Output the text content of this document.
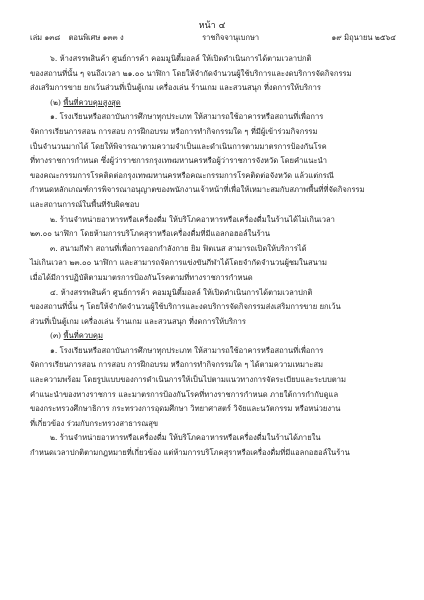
หน้า ๔
เล่ม ๑๓๘ ตอนพิเศษ ๑๓๓ ง	ราชกิจจานุเบกษา	๑๙ มิถุนายน ๒๕๖๔

๖. ห้างสรรพสินค้า ศูนย์การค้า คอมมูนิตี้มอลล์ ให้เปิดดำเนินการได้ตามเวลาปกติ

ของสถานที่นั้น ๆ จนถึงเวลา ๒๑.๐๐ นาฬิกา โดยให้จำกัดจำนวนผู้ใช้บริการและงดบริการจัดกิจกรรม

ส่งเสริมการขาย ยกเว้นส่วนที่เป็นตู้เกม เครื่องเล่น ร้านเกม และสวนสนุก ที่งดการให้บริการ

(๒) พื้นที่ควบคุมสูงสุด

๑. โรงเรียนหรือสถาบันการศึกษาทุกประเภท ให้สามารถใช้อาคารหรือสถานที่เพื่อการ

จัดการเรียนการสอน การสอบ การฝึกอบรม หรือการทำกิจกรรมใด ๆ ที่มีผู้เข้าร่วมกิจกรรม

เป็นจำนวนมากได้ โดยให้พิจารณาตามความจำเป็นและดำเนินการตามมาตรการป้องกันโรค

ที่ทางราชการกำหนด ซึ่งผู้ว่าราชการกรุงเทพมหานครหรือผู้ว่าราชการจังหวัด โดยคำแนะนำ

ของคณะกรรมการโรคติดต่อกรุงเทพมหานครหรือคณะกรรมการโรคติดต่อจังหวัด แล้วแต่กรณี

กำหนดหลักเกณฑ์การพิจารณาอนุญาตของพนักงานเจ้าหน้าที่เพื่อให้เหมาะสมกับสภาพพื้นที่ที่จัดกิจกรรม

และสถานการณ์ในพื้นที่รับผิดชอบ

๒. ร้านจำหน่ายอาหารหรือเครื่องดื่ม ให้บริโภคอาหารหรือเครื่องดื่มในร้านได้ไม่เกินเวลา

๒๓.๐๐ นาฬิกา โดยห้ามการบริโภคสุราหรือเครื่องดื่มที่มีแอลกอฮอล์ในร้าน

๓. สนามกีฬา สถานที่เพื่อการออกกำลังกาย ยิม ฟิตเนส สามารถเปิดให้บริการได้

ไม่เกินเวลา ๒๓.๐๐ นาฬิกา และสามารถจัดการแข่งขันกีฬาได้โดยจำกัดจำนวนผู้ชมในสนาม

เมื่อได้มีการปฏิบัติตามมาตรการป้องกันโรคตามที่ทางราชการกำหนด

๔. ห้างสรรพสินค้า ศูนย์การค้า คอมมูนิตี้มอลล์ ให้เปิดดำเนินการได้ตามเวลาปกติ

ของสถานที่นั้น ๆ โดยให้จำกัดจำนวนผู้ใช้บริการและงดบริการจัดกิจกรรมส่งเสริมการขาย ยกเว้น

ส่วนที่เป็นตู้เกม เครื่องเล่น ร้านเกม และสวนสนุก ที่งดการให้บริการ

(๓) พื้นที่ควบคุม

๑. โรงเรียนหรือสถาบันการศึกษาทุกประเภท ให้สามารถใช้อาคารหรือสถานที่เพื่อการ

จัดการเรียนการสอน การสอบ การฝึกอบรม หรือการทำกิจกรรมใด ๆ ได้ตามความเหมาะสม

และความพร้อม โดยรูปแบบของการดำเนินการให้เป็นไปตามแนวทางการจัดระเบียบและระบบตาม

คำแนะนำของทางราชการ และมาตรการป้องกันโรคที่ทางราชการกำหนด ภายใต้การกำกับดูแล

ของกระทรวงศึกษาธิการ กระทรวงการอุดมศึกษา วิทยาศาสตร์ วิจัยและนวัตกรรม หรือหน่วยงาน

ที่เกี่ยวข้อง ร่วมกับกระทรวงสาธารณสุข

๒. ร้านจำหน่ายอาหารหรือเครื่องดื่ม ให้บริโภคอาหารหรือเครื่องดื่มในร้านได้ภายใน

กำหนดเวลาปกติตามกฎหมายที่เกี่ยวข้อง แต่ห้ามการบริโภคสุราหรือเครื่องดื่มที่มีแอลกอฮอล์ในร้าน
